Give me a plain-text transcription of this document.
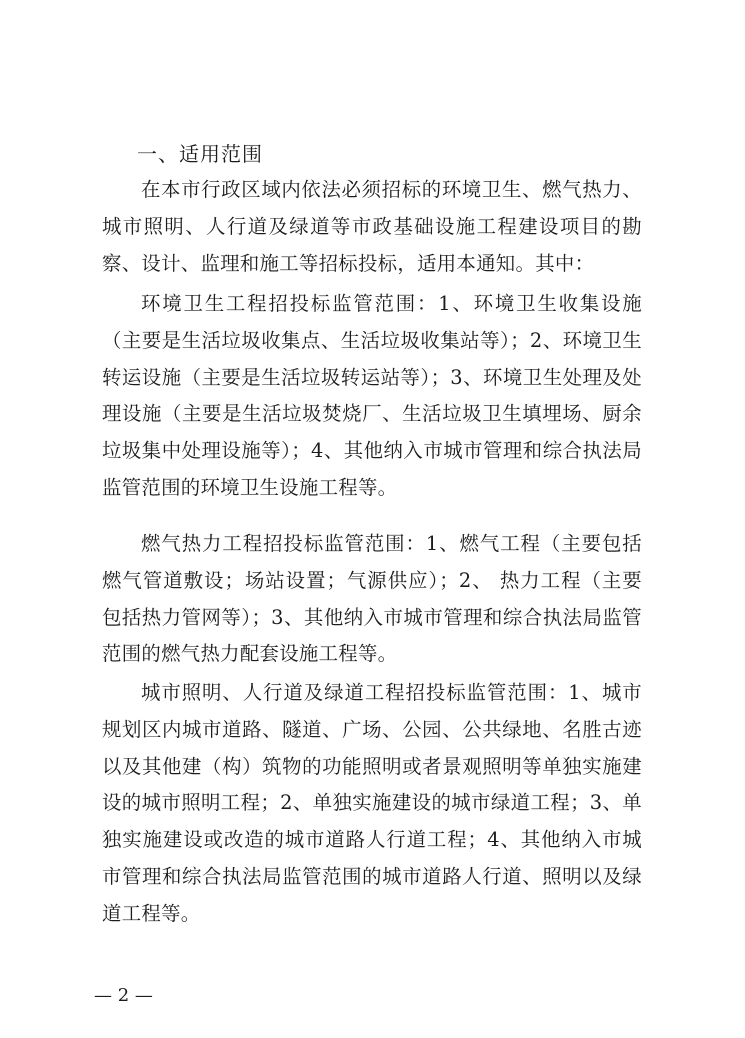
一、适用范围

在本市行政区域内依法必须招标的环境卫生、燃气热力、城市照明、人行道及绿道等市政基础设施工程建设项目的勘察、设计、监理和施工等招标投标，适用本通知。其中：

环境卫生工程招投标监管范围：1、环境卫生收集设施（主要是生活垃圾收集点、生活垃圾收集站等）；2、环境卫生转运设施（主要是生活垃圾转运站等）；3、环境卫生处理及处理设施（主要是生活垃圾焚烧厂、生活垃圾卫生填埋场、厨余垃圾集中处理设施等）；4、其他纳入市城市管理和综合执法局监管范围的环境卫生设施工程等。

燃气热力工程招投标监管范围：1、燃气工程（主要包括燃气管道敷设；场站设置；气源供应）；2、 热力工程（主要包括热力管网等）；3、其他纳入市城市管理和综合执法局监管范围的燃气热力配套设施工程等。

城市照明、人行道及绿道工程招投标监管范围：1、城市规划区内城市道路、隧道、广场、公园、公共绿地、名胜古迹以及其他建（构）筑物的功能照明或者景观照明等单独实施建设的城市照明工程；2、单独实施建设的城市绿道工程；3、单独实施建设或改造的城市道路人行道工程；4、其他纳入市城市管理和综合执法局监管范围的城市道路人行道、照明以及绿道工程等。

— 2 —
